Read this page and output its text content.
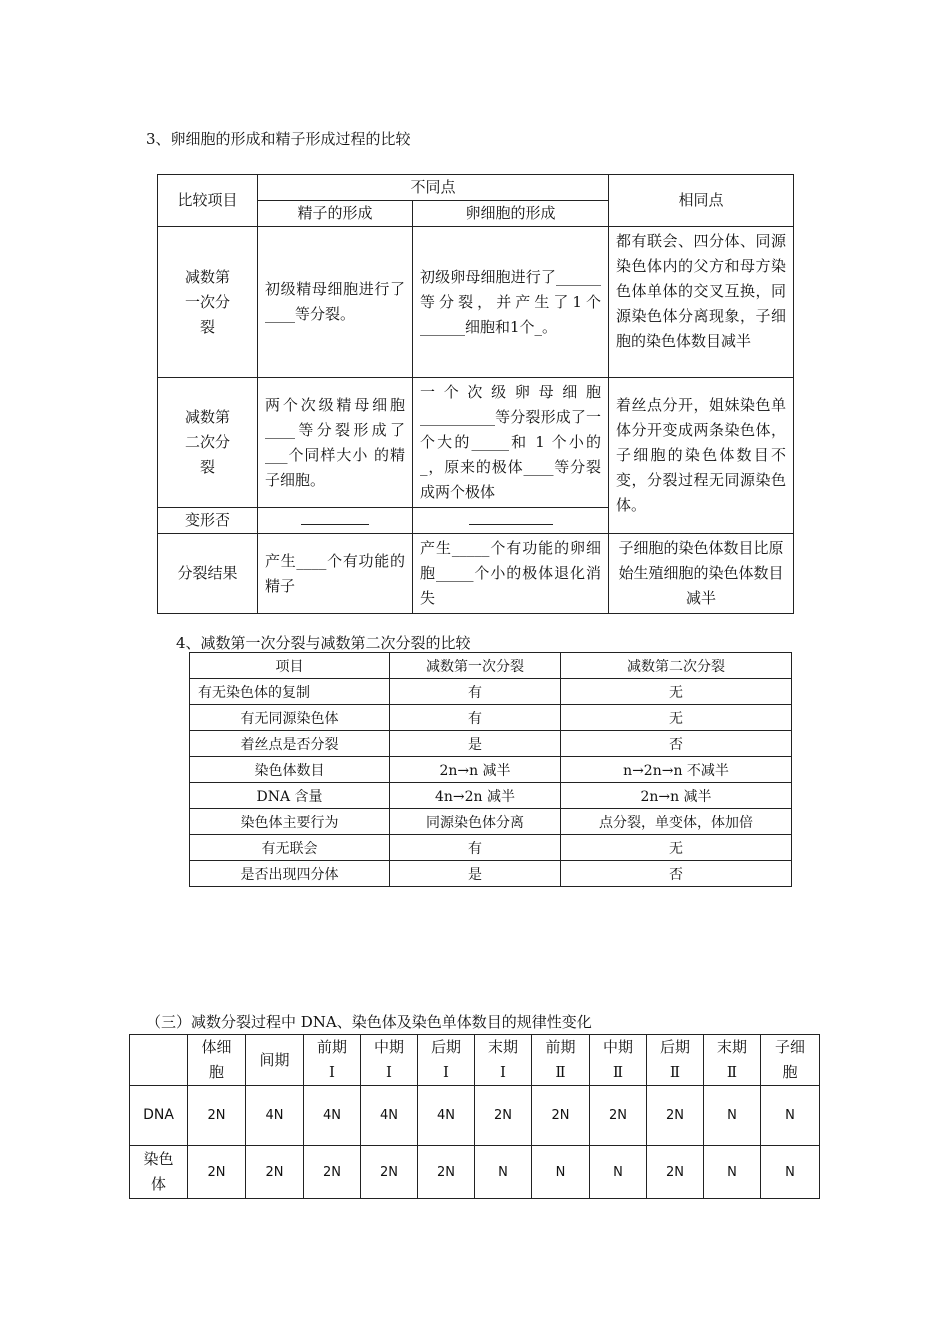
3、卵细胞的形成和精子形成过程的比较
比较项目	不同点		相同点
	精子的形成	卵细胞的形成	
减数第一次分裂	初级精母细胞进行了____等分裂。	初级卵母细胞进行了______等分裂，并产生了1个______细胞和1个_。	都有联会、四分体、同源染色体内的父方和母方染色体单体的交叉互换，同源染色体分离现象，子细胞的染色体数目减半
减数第二次分裂	两个次级精母细胞____等分裂形成了___个同样大小 的精子细胞。	一个次级卵母细胞__________等分裂形成了一个大的_____和 1 个小的_，原来的极体____等分裂成两个极体	着丝点分开，姐妹染色单体分开变成两条染色体，子细胞的染色体数目不变，分裂过程无同源染色体。
变形否			
分裂结果	产生____个有功能的精子	产生_____个有功能的卵细胞_____个小的极体退化消失	子细胞的染色体数目比原始生殖细胞的染色体数目减半
4、减数第一次分裂与减数第二次分裂的比较
项目	减数第一次分裂	减数第二次分裂
有无染色体的复制	有	无
有无同源染色体	有	无
着丝点是否分裂	是	否
染色体数目	2n→n 减半	n→2n→n 不减半
DNA 含量	4n→2n 减半	2n→n 减半
染色体主要行为	同源染色体分离	点分裂，单变体，体加倍
有无联会	有	无
是否出现四分体	是	否
（三）减数分裂过程中 DNA、染色体及染色单体数目的规律性变化
	体细胞	间期	前期Ⅰ	中期Ⅰ	后期Ⅰ	末期Ⅰ	前期Ⅱ	中期Ⅱ	后期Ⅱ	末期Ⅱ	子细胞
DNA	2N	4N	4N	4N	4N	2N	2N	2N	2N	N	N
染色体	2N	2N	2N	2N	2N	N	N	N	2N	N	N
